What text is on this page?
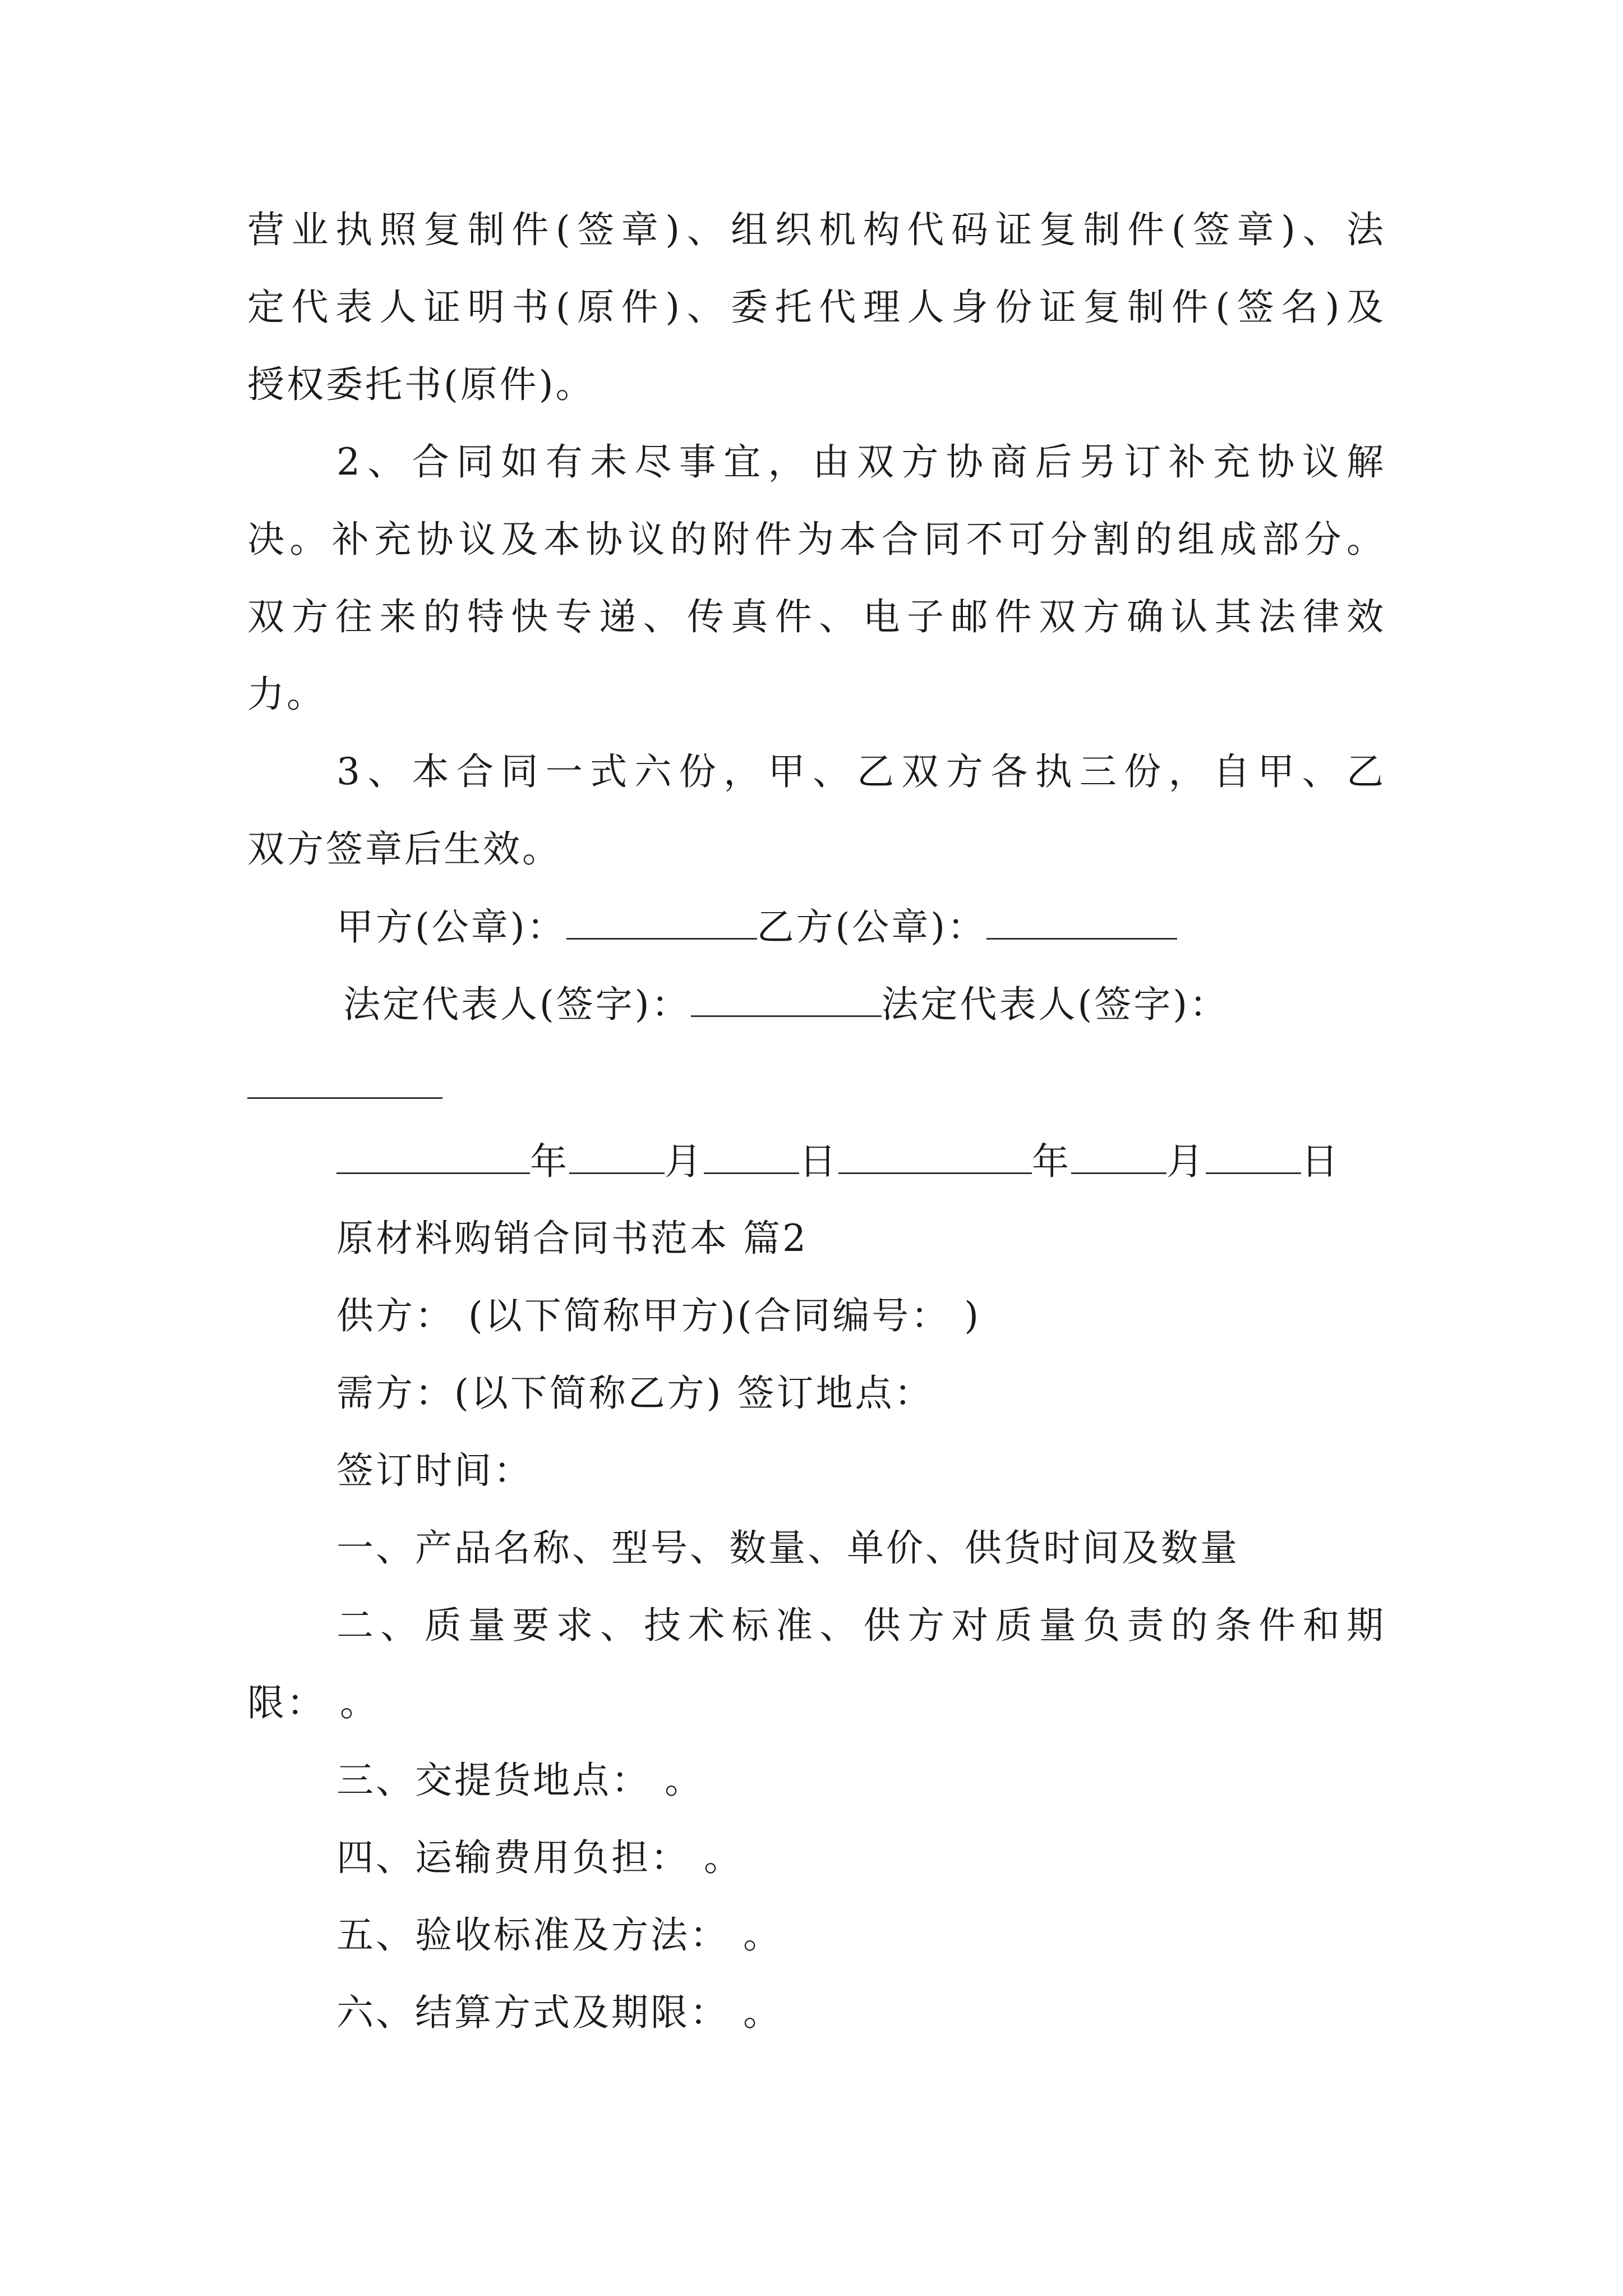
营业执照复制件(签章)、组织机构代码证复制件(签章)、法
定代表人证明书(原件)、委托代理人身份证复制件(签名)及
授权委托书(原件)。
2、合同如有未尽事宜，由双方协商后另订补充协议解
决。补充协议及本协议的附件为本合同不可分割的组成部分。
双方往来的特快专递、传真件、电子邮件双方确认其法律效
力。
3、本合同一式六份，甲、乙双方各执三份，自甲、乙
双方签章后生效。
甲方(公章)：	乙方(公章)：
法定代表人(签字)：	法定代表人(签字)：
年	月	日	年	月	日
原材料购销合同书范本 篇2
供方： (以下简称甲方)(合同编号： )
需方：(以下简称乙方) 签订地点：
签订时间：
一、产品名称、型号、数量、单价、供货时间及数量
二、质量要求、技术标准、供方对质量负责的条件和期
限： 。
三、交提货地点： 。
四、运输费用负担： 。
五、验收标准及方法： 。
六、结算方式及期限： 。
